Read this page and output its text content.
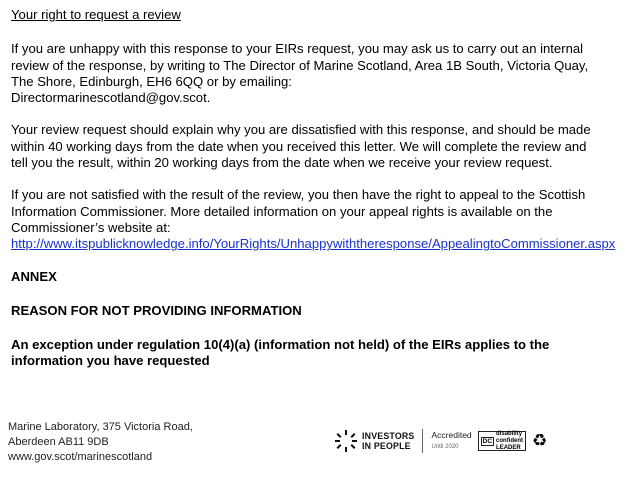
Your right to request a review

If you are unhappy with this response to your EIRs request, you may ask us to carry out an internal
review of the response, by writing to The Director of Marine Scotland, Area 1B South, Victoria Quay,
The Shore, Edinburgh, EH6 6QQ or by emailing:
Directormarinescotland@gov.scot.

Your review request should explain why you are dissatisfied with this response, and should be made
within 40 working days from the date when you received this letter. We will complete the review and
tell you the result, within 20 working days from the date when we receive your review request.

If you are not satisfied with the result of the review, you then have the right to appeal to the Scottish
Information Commissioner. More detailed information on your appeal rights is available on the
Commissioner’s website at:
http://www.itspublicknowledge.info/YourRights/Unhappywiththeresponse/AppealingtoCommissioner.aspx

ANNEX
REASON FOR NOT PROVIDING INFORMATION
An exception under regulation 10(4)(a) (information not held) of the EIRs applies to the
information you have requested
Marine Laboratory, 375 Victoria Road,
Aberdeen AB11 9DB
www.gov.scot/marinescotland
INVESTORS
IN PEOPLE
Accredited
Until 2020
DC
disability
confident
LEADER ♻
